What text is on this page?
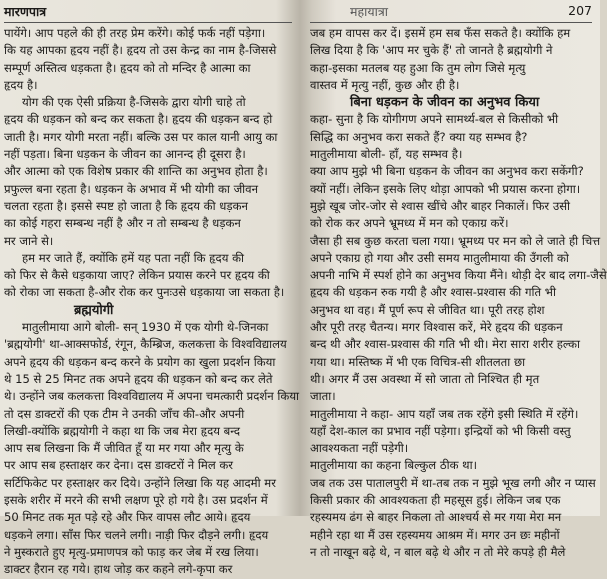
मारणपात्र
पायेंगे। आप पहले की ही तरह प्रेम करेंगे। कोई फर्क नहीं पड़ेगा।
कि यह आपका हृदय नहीं है। हृदय तो उस केन्द्र का नाम है-जिससे
सम्पूर्ण अस्तित्व धड़कता है। हृदय को तो मन्दिर है आत्मा का
हृदय है।
योग की एक ऐसी प्रक्रिया है-जिसके द्वारा योगी चाहे तो
हृदय की धड़कन को बन्द कर सकता है। हृदय की धड़कन बन्द हो
जाती है। मगर योगी मरता नहीं। बल्कि उस पर काल यानी आयु का
नहीं पड़ता। बिना धड़कन के जीवन का आनन्द ही दूसरा है।
और आत्मा को एक विशेष प्रकार की शान्ति का अनुभव होता है।
प्रफुल्ल बना रहता है। धड़कन के अभाव में भी योगी का जीवन
चलता रहता है। इससे स्पष्ट हो जाता है कि हृदय की धड़कन
का कोई गहरा सम्बन्ध नहीं है और न तो सम्बन्ध है धड़कन
मर जाने से।
हम मर जाते हैं, क्योंकि हमें यह पता नहीं कि हृदय की
को फिर से कैसे धड़काया जाए? लेकिन प्रयास करने पर हृदय की
को रोका जा सकता है-और रोक कर पुनःउसे धड़काया जा सकता है।
ब्रह्मयोगी
मातुलीमाया आगे बोली- सन् 1930 में एक योगी थे-जिनका
'ब्रह्मयोगी' था-आक्सफोर्ड, रंगून, कैम्ब्रिज, कलकत्ता के विश्वविद्यालय
अपने हृदय की धड़कन बन्द करने के प्रयोग का खुला प्रदर्शन किया
थे 15 से 25 मिनट तक अपने हृदय की धड़कन को बन्द कर लेते
थे। उन्होंने जब कलकत्ता विश्वविद्यालय में अपना चमत्कारी प्रदर्शन किया
तो दस डाक्टरों की एक टीम ने उनकी जाँच की-और अपनी
लिखी-क्योंकि ब्रह्मयोगी ने कहा था कि जब मेरा हृदय बन्द
आप सब लिखना कि मैं जीवित हूँ या मर गया और मृत्यु के
पर आप सब हस्ताक्षर कर देना। दस डाक्टरों ने मिल कर
सर्टिफिकेट पर हस्ताक्षर कर दिये। उन्होंने लिखा कि यह आदमी मर
इसके शरीर में मरने की सभी लक्षण पूरे हो गये है। उस प्रदर्शन में
50 मिनट तक मृत पड़े रहे और फिर वापस लौट आये। हृदय
धड़कने लगा। साँस फिर चलने लगी। नाड़ी फिर दौड़ने लगी। हृदय
ने मुस्कराते हुए मृत्यु-प्रमाणपत्र को फाड़ कर जेब में रख लिया।
डाक्टर हैरान रह गये। हाथ जोड़ कर कहने लगे-कृपा कर
महायात्रा	207
जब हम वापस कर दें। इसमें हम सब फँस सकते है। क्योंकि हम
लिख दिया है कि 'आप मर चुके हैं' तो जानते है ब्रह्मयोगी ने
कहा-इसका मतलब यह हुआ कि तुम लोग जिसे मृत्यु
वास्तव में मृत्यु नहीं, कुछ और ही है।
बिना धड़कन के जीवन का अनुभव किया
कहा- सुना है कि योगीगण अपने सामर्थ्य-बल से किसीको भी
सिद्धि का अनुभव करा सकते हैं? क्या यह सम्भव है?
मातुलीमाया बोली- हाँ, यह सम्भव है।
क्या आप मुझे भी बिना धड़कन के जीवन का अनुभव करा सकेंगी?
क्यों नहीं। लेकिन इसके लिए थोड़ा आपको भी प्रयास करना होगा।
मुझे खूब जोर-जोर से श्वास खींचे और बाहर निकालें। फिर उसी
को रोक कर अपने भ्रूमध्य में मन को एकाग्र करें।
जैसा ही सब कुछ करता चला गया। भ्रूमध्य पर मन को ले जाते ही चित्त
अपने एकाग्र हो गया और उसी समय मातुलीमाया की उँगली को
अपनी नाभि में स्पर्श होने का अनुभव किया मैंने। थोड़ी देर बाद लगा-जैसे
हृदय की धड़कन रुक गयी है और श्वास-प्रश्वास की गति भी
अनुभव था वह। मैं पूर्ण रूप से जीवित था। पूरी तरह होश
और पूरी तरह चैतन्य। मगर विश्वास करें, मेरे हृदय की धड़कन
बन्द थी और श्वास-प्रश्वास की गति भी थी। मेरा सारा शरीर हल्का
गया था। मस्तिष्क में भी एक विचित्र-सी शीतलता छा
थी। अगर मैं उस अवस्था में सो जाता तो निश्चित ही मृत
जाता।
मातुलीमाया ने कहा- आप यहाँ जब तक रहेंगे इसी स्थिति में रहेंगे।
यहाँ देश-काल का प्रभाव नहीं पड़ेगा। इन्द्रियों को भी किसी वस्तु
आवश्यकता नहीं पड़ेगी।
मातुलीमाया का कहना बिल्कुल ठीक था।
जब तक उस पातालपुरी में था-तब तक न मुझे भूख लगी और न प्यास
किसी प्रकार की आवश्यकता ही महसूस हुई। लेकिन जब एक
रहस्यमय ढंग से बाहर निकला तो आश्चर्य से मर गया मेरा मन
महीने रहा था मैं उस रहस्यमय आश्रम में। मगर उन छः महीनों
न तो नाखून बढ़े थे, न बाल बढ़े थे और न तो मेरे कपड़े ही मैले
